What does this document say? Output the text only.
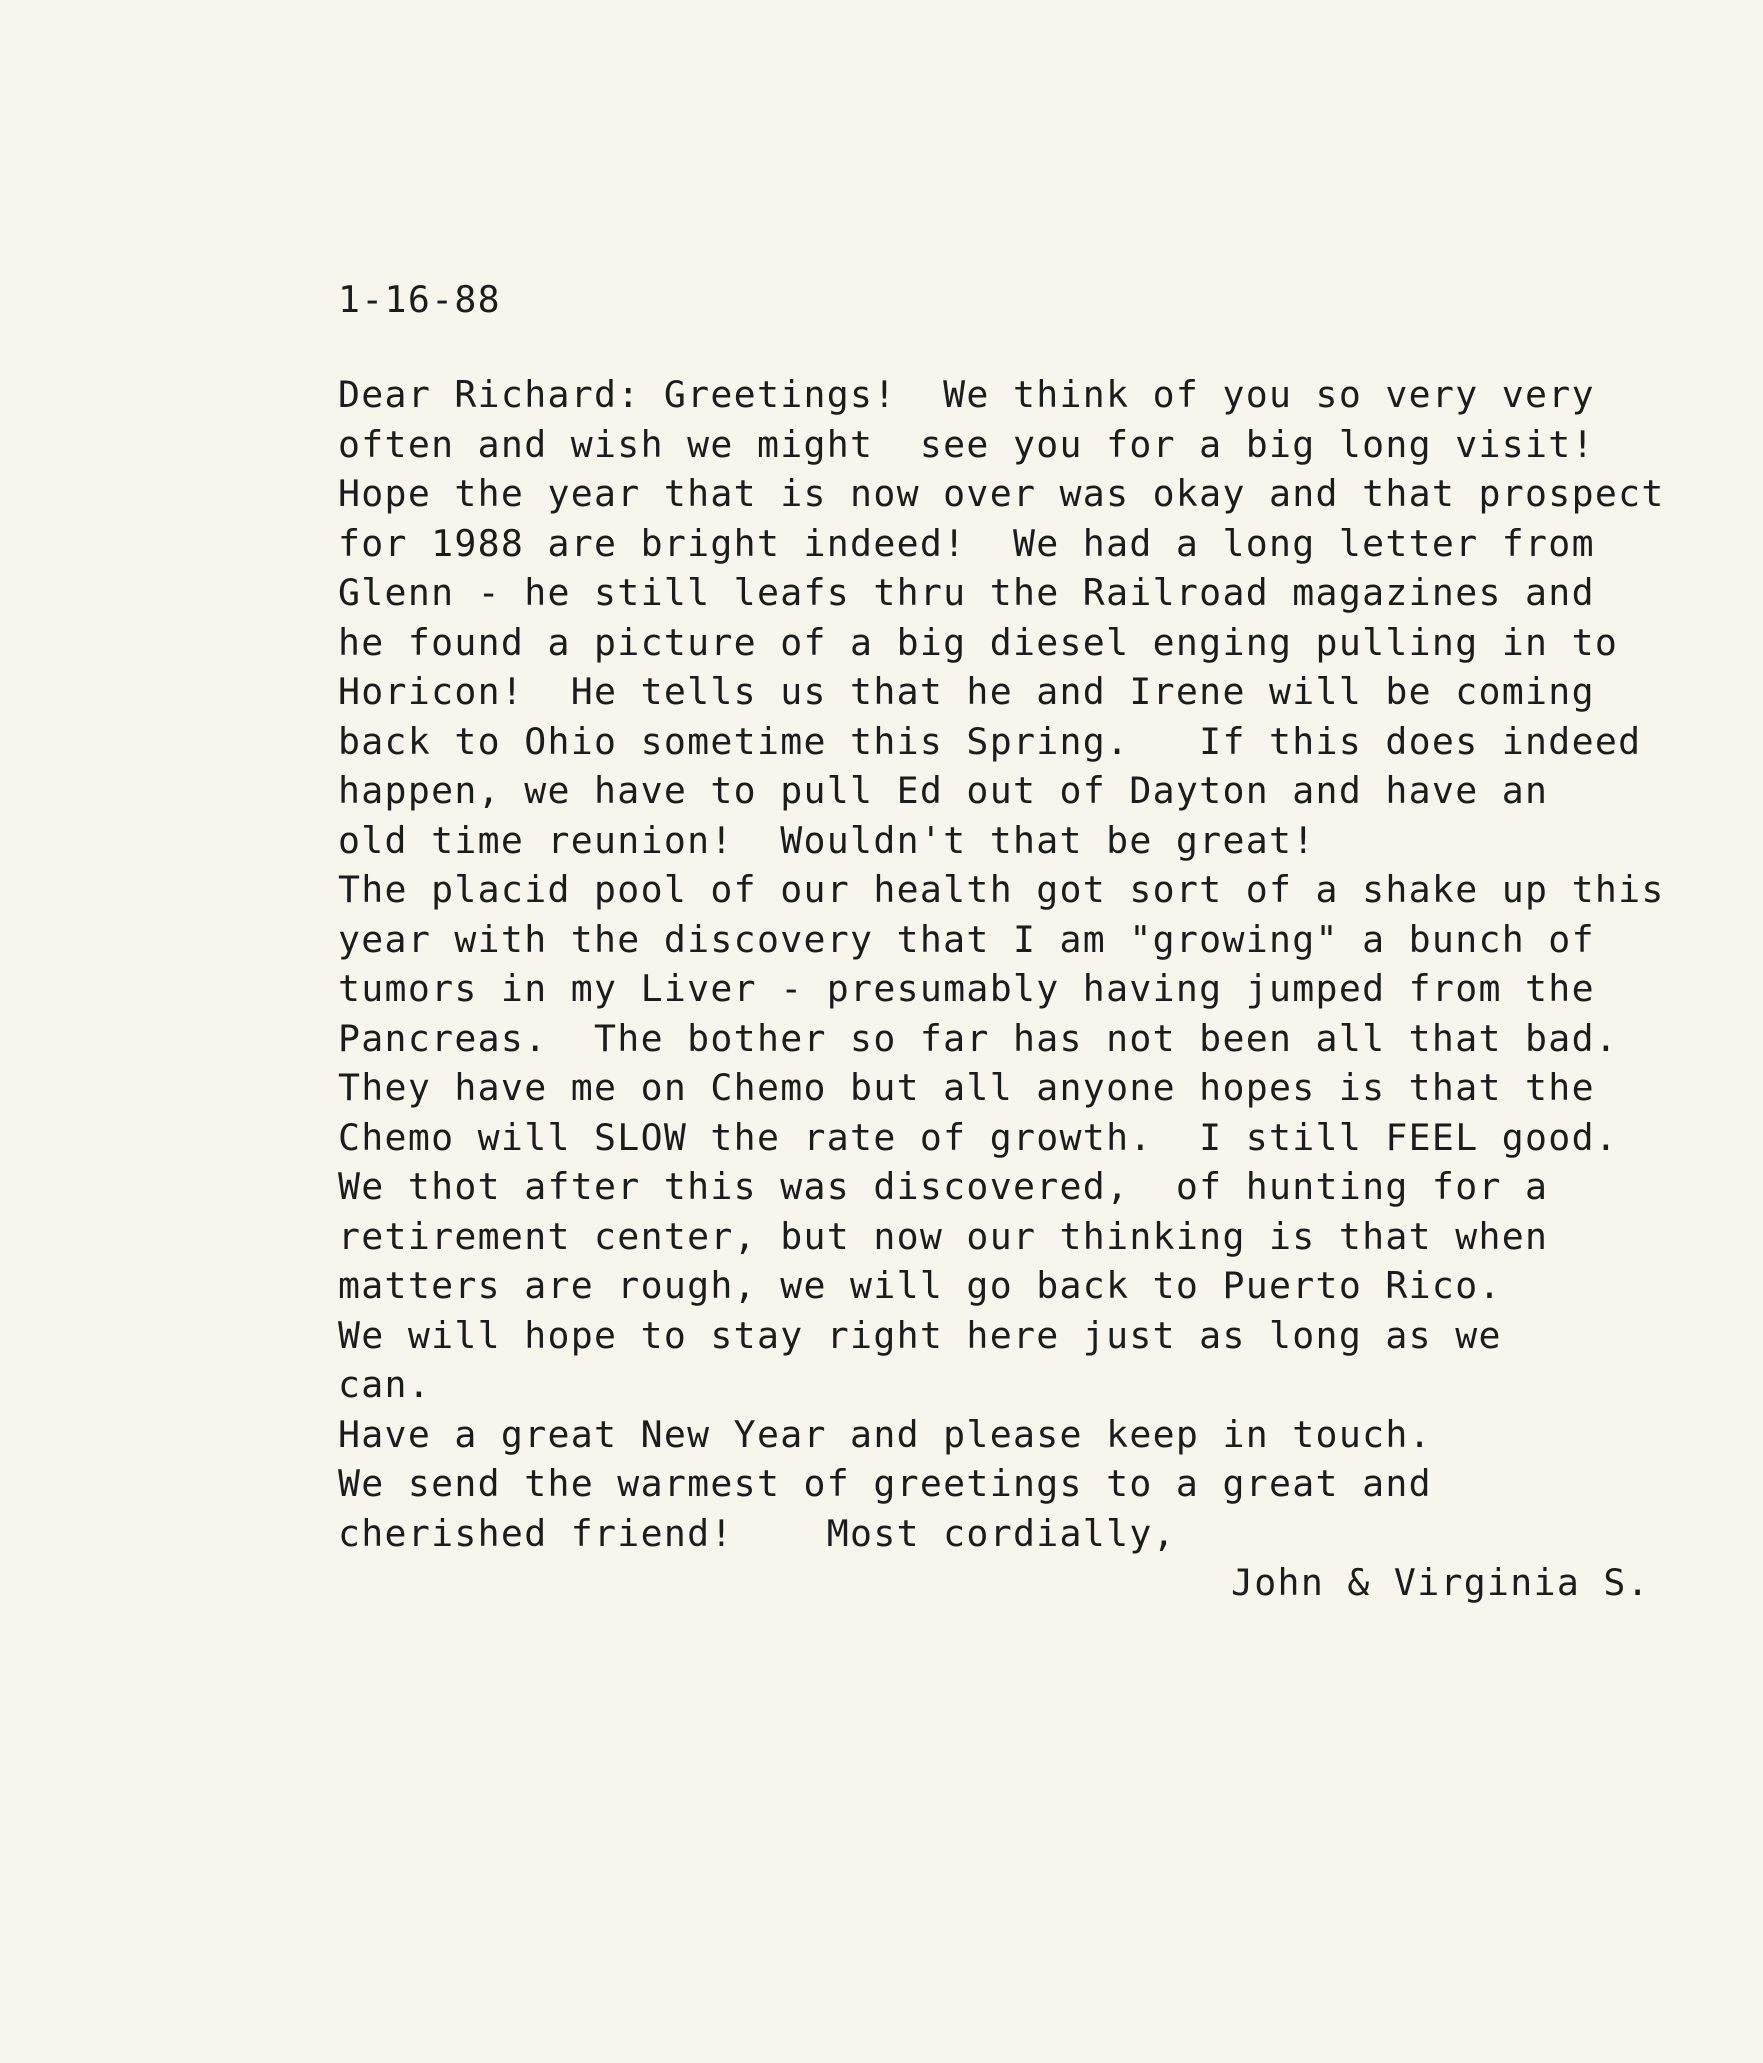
1-16-88
Dear Richard: Greetings!  We think of you so very very
often and wish we might  see you for a big long visit!
Hope the year that is now over was okay and that prospect
for 1988 are bright indeed!  We had a long letter from
Glenn - he still leafs thru the Railroad magazines and
he found a picture of a big diesel enging pulling in to
Horicon!  He tells us that he and Irene will be coming
back to Ohio sometime this Spring.   If this does indeed
happen, we have to pull Ed out of Dayton and have an
old time reunion!  Wouldn't that be great!
The placid pool of our health got sort of a shake up this
year with the discovery that I am "growing" a bunch of
tumors in my Liver - presumably having jumped from the
Pancreas.  The bother so far has not been all that bad.
They have me on Chemo but all anyone hopes is that the
Chemo will SLOW the rate of growth.  I still FEEL good.
We thot after this was discovered,  of hunting for a
retirement center, but now our thinking is that when
matters are rough, we will go back to Puerto Rico.
We will hope to stay right here just as long as we
can.
Have a great New Year and please keep in touch.
We send the warmest of greetings to a great and
cherished friend!    Most cordially,
John & Virginia S.
